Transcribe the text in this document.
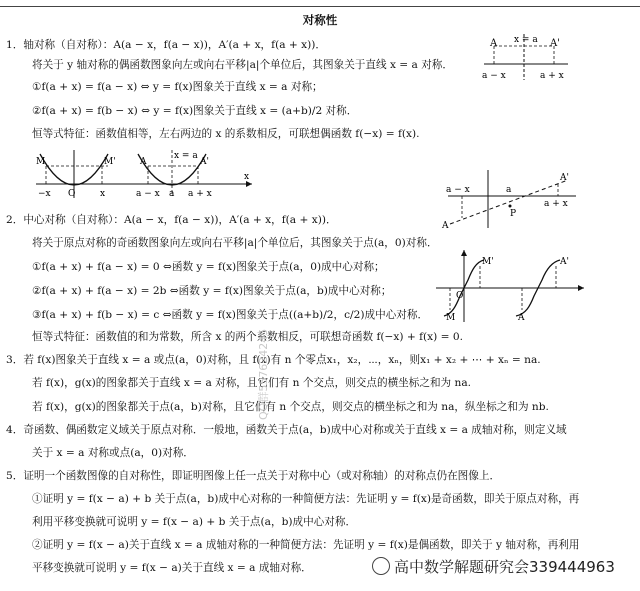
对称性
1．轴对称（自对称）：A(a − x，f(a − x))，A′(a + x，f(a + x))．
将关于 y 轴对称的偶函数图象向左或向右平移|a|个单位后，其图象关于直线 x = a 对称．
①f(a + x) = f(a − x) ⇔ y = f(x)图象关于直线 x = a 对称；
②f(a + x) = f(b − x) ⇔ y = f(x)图象关于直线 x = (a+b)/2 对称．
恒等式特征：函数值相等，左右两边的 x 的系数相反，可联想偶函数 f(−x) = f(x).
A	A'
x = a
a − x	a + x
M	M'	A	A'
x = a
−x O	x	a
a − x	a + x
x	A'
A
a − x	a
a + x
P
2．中心对称（自对称）：A(a − x，f(a − x))，A′(a + x，f(a + x))．
将关于原点对称的奇函数图象向左或向右平移|a|个单位后，其图象关于点(a，0)对称．
①f(a + x) + f(a − x) = 0 ⇔函数 y = f(x)图象关于点(a，0)成中心对称；
②f(a + x) + f(a − x) = 2b ⇔函数 y = f(x)图象关于点(a，b)成中心对称；
③f(a + x) + f(b − x) = c ⇔函数 y = f(x)图象关于点((a+b)/2，c/2)成中心对称．
恒等式特征：函数值的和为常数，所含 x 的两个系数相反，可联想奇函数 f(−x) + f(x) = 0.
M
M'
A
A'
O
3．若 f(x)图象关于直线 x = a 或点(a，0)对称，且 f(x)有 n 个零点x₁，x₂，⋯，xₙ，则x₁ + x₂ + ⋯ + xₙ = na.
若 f(x)，g(x)的图象都关于直线 x = a 对称，且它们有 n 个交点，则交点的横坐标之和为 na.
若 f(x)，g(x)的图象都关于点(a，b)对称，且它们有 n 个交点，则交点的横坐标之和为 na，纵坐标之和为 nb.
4．奇函数、偶函数定义域关于原点对称．一般地，函数关于点(a，b)成中心对称或关于直线 x = a 成轴对称，则定义域
关于 x = a 对称或点(a，0)对称．
5．证明一个函数图像的自对称性，即证明图像上任一点关于对称中心（或对称轴）的对称点仍在图像上．
①证明 y = f(x − a) + b 关于点(a，b)成中心对称的一种简便方法：先证明 y = f(x)是奇函数，即关于原点对称，再
利用平移变换就可说明 y = f(x − a) + b 关于点(a，b)成中心对称．
②证明 y = f(x − a)关于直线 x = a 成轴对称的一种简便方法：先证明 y = f(x)是偶函数，即关于 y 轴对称，再利用
平移变换就可说明 y = f(x − a)关于直线 x = a 成轴对称．
QQ群557624245
高中数学解题研究会339444963
